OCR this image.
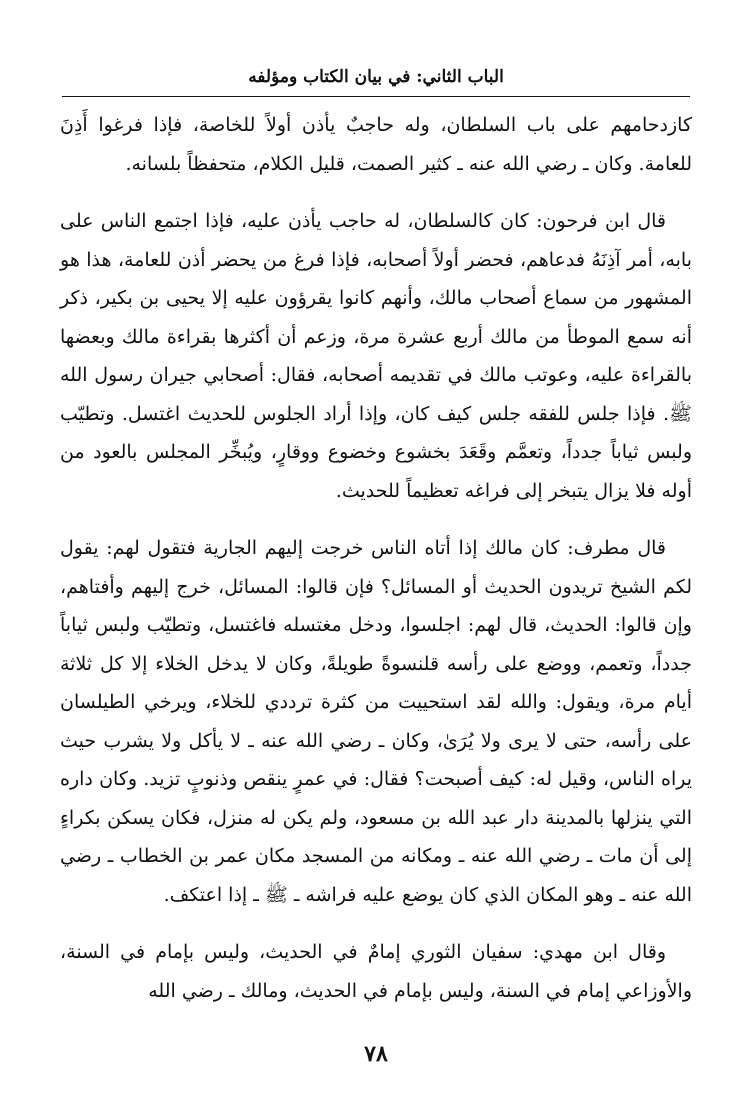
الباب الثاني: في بيان الكتاب ومؤلفه

كازدحامهم على باب السلطان، وله حاجبٌ يأذن أولاً للخاصة، فإذا فرغوا أَذِنَ للعامة. وكان ـ رضي الله عنه ـ كثير الصمت، قليل الكلام، متحفظاً بلسانه.

قال ابن فرحون: كان كالسلطان، له حاجب يأذن عليه، فإذا اجتمع الناس على بابه، أمر آذِنَهُ فدعاهم، فحضر أولاً أصحابه، فإذا فرغ من يحضر أذن للعامة، هذا هو المشهور من سماع أصحاب مالك، وأنهم كانوا يقرؤون عليه إلا يحيى بن بكير، ذكر أنه سمع الموطأ من مالك أربع عشرة مرة، وزعم أن أكثرها بقراءة مالك وبعضها بالقراءة عليه، وعوتب مالك في تقديمه أصحابه، فقال: أصحابي جيران رسول الله ﷺ. فإذا جلس للفقه جلس كيف كان، وإذا أراد الجلوس للحديث اغتسل. وتطيّب ولبس ثياباً جدداً، وتعمَّم وقَعَدَ بخشوع وخضوع ووقارٍ، ويُبخِّر المجلس بالعود من أوله فلا يزال يتبخر إلى فراغه تعظيماً للحديث.

قال مطرف: كان مالك إذا أتاه الناس خرجت إليهم الجارية فتقول لهم: يقول لكم الشيخ تريدون الحديث أو المسائل؟ فإن قالوا: المسائل، خرج إليهم وأفتاهم، وإن قالوا: الحديث، قال لهم: اجلسوا، ودخل مغتسله فاغتسل، وتطيّب ولبس ثياباً جدداً، وتعمم، ووضع على رأسه قلنسوةً طويلةً، وكان لا يدخل الخلاء إلا كل ثلاثة أيام مرة، ويقول: والله لقد استحييت من كثرة ترددي للخلاء، ويرخي الطيلسان على رأسه، حتى لا يرى ولا يُرَىٰ، وكان ـ رضي الله عنه ـ لا يأكل ولا يشرب حيث يراه الناس، وقيل له: كيف أصبحت؟ فقال: في عمرٍ ينقص وذنوبٍ تزيد. وكان داره التي ينزلها بالمدينة دار عبد الله بن مسعود، ولم يكن له منزل، فكان يسكن بكراءٍ إلى أن مات ـ رضي الله عنه ـ ومكانه من المسجد مكان عمر بن الخطاب ـ رضي الله عنه ـ وهو المكان الذي كان يوضع عليه فراشه ـ ﷺ ـ إذا اعتكف.

وقال ابن مهدي: سفيان الثوري إمامٌ في الحديث، وليس بإمام في السنة، والأوزاعي إمام في السنة، وليس بإمام في الحديث، ومالك ـ رضي الله

٧٨
